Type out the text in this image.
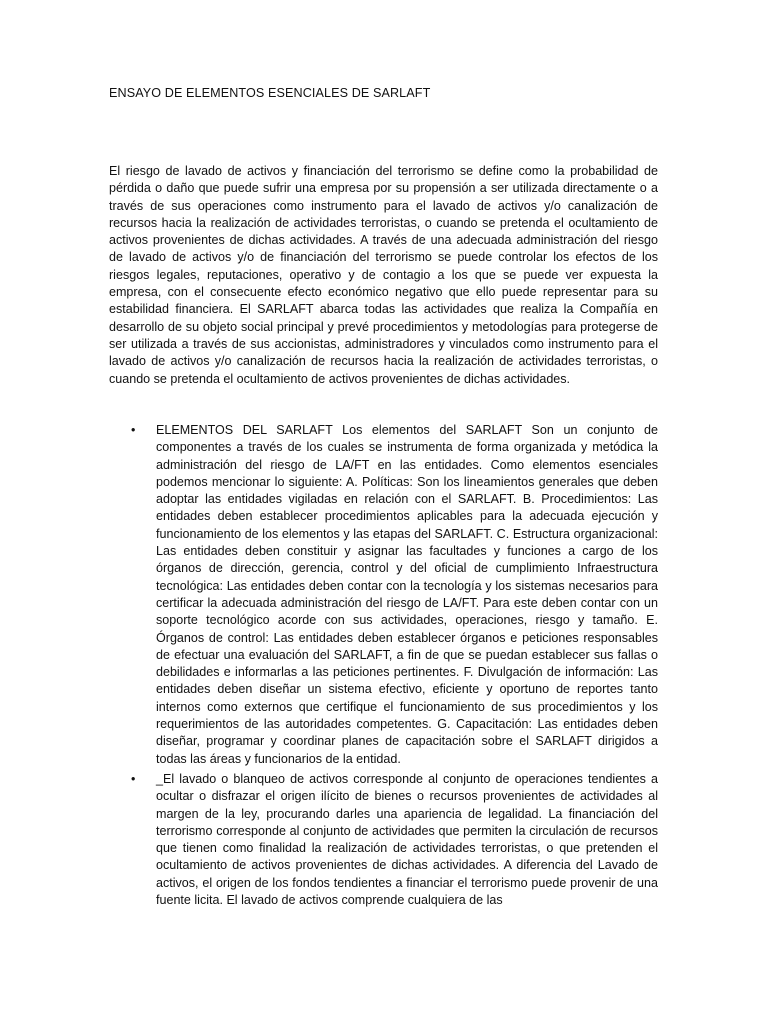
ENSAYO DE ELEMENTOS ESENCIALES DE SARLAFT

El riesgo de lavado de activos y financiación del terrorismo se define como la probabilidad de pérdida o daño que puede sufrir una empresa por su propensión a ser utilizada directamente o a través de sus operaciones como instrumento para el lavado de activos y/o canalización de recursos hacia la realización de actividades terroristas, o cuando se pretenda el ocultamiento de activos provenientes de dichas actividades. A través de una adecuada administración del riesgo de lavado de activos y/o de financiación del terrorismo se puede controlar los efectos de los riesgos legales, reputaciones, operativo y de contagio a los que se puede ver expuesta la empresa, con el consecuente efecto económico negativo que ello puede representar para su estabilidad financiera. El SARLAFT abarca todas las actividades que realiza la Compañía en desarrollo de su objeto social principal y prevé procedimientos y metodologías para protegerse de ser utilizada a través de sus accionistas, administradores y vinculados como instrumento para el lavado de activos y/o canalización de recursos hacia la realización de actividades terroristas, o cuando se pretenda el ocultamiento de activos provenientes de dichas actividades.

• ELEMENTOS DEL SARLAFT Los elementos del SARLAFT Son un conjunto de componentes a través de los cuales se instrumenta de forma organizada y metódica la administración del riesgo de LA/FT en las entidades. Como elementos esenciales podemos mencionar lo siguiente: A. Políticas: Son los lineamientos generales que deben adoptar las entidades vigiladas en relación con el SARLAFT. B. Procedimientos: Las entidades deben establecer procedimientos aplicables para la adecuada ejecución y funcionamiento de los elementos y las etapas del SARLAFT. C. Estructura organizacional: Las entidades deben constituir y asignar las facultades y funciones a cargo de los órganos de dirección, gerencia, control y del oficial de cumplimiento Infraestructura tecnológica: Las entidades deben contar con la tecnología y los sistemas necesarios para certificar la adecuada administración del riesgo de LA/FT. Para este deben contar con un soporte tecnológico acorde con sus actividades, operaciones, riesgo y tamaño. E. Órganos de control: Las entidades deben establecer órganos e peticiones responsables de efectuar una evaluación del SARLAFT, a fin de que se puedan establecer sus fallas o debilidades e informarlas a las peticiones pertinentes. F. Divulgación de información: Las entidades deben diseñar un sistema efectivo, eficiente y oportuno de reportes tanto internos como externos que certifique el funcionamiento de sus procedimientos y los requerimientos de las autoridades competentes. G. Capacitación: Las entidades deben diseñar, programar y coordinar planes de capacitación sobre el SARLAFT dirigidos a todas las áreas y funcionarios de la entidad.
• _El lavado o blanqueo de activos corresponde al conjunto de operaciones tendientes a ocultar o disfrazar el origen ilícito de bienes o recursos provenientes de actividades al margen de la ley, procurando darles una apariencia de legalidad. La financiación del terrorismo corresponde al conjunto de actividades que permiten la circulación de recursos que tienen como finalidad la realización de actividades terroristas, o que pretenden el ocultamiento de activos provenientes de dichas actividades. A diferencia del Lavado de activos, el origen de los fondos tendientes a financiar el terrorismo puede provenir de una fuente licita. El lavado de activos comprende cualquiera de las
